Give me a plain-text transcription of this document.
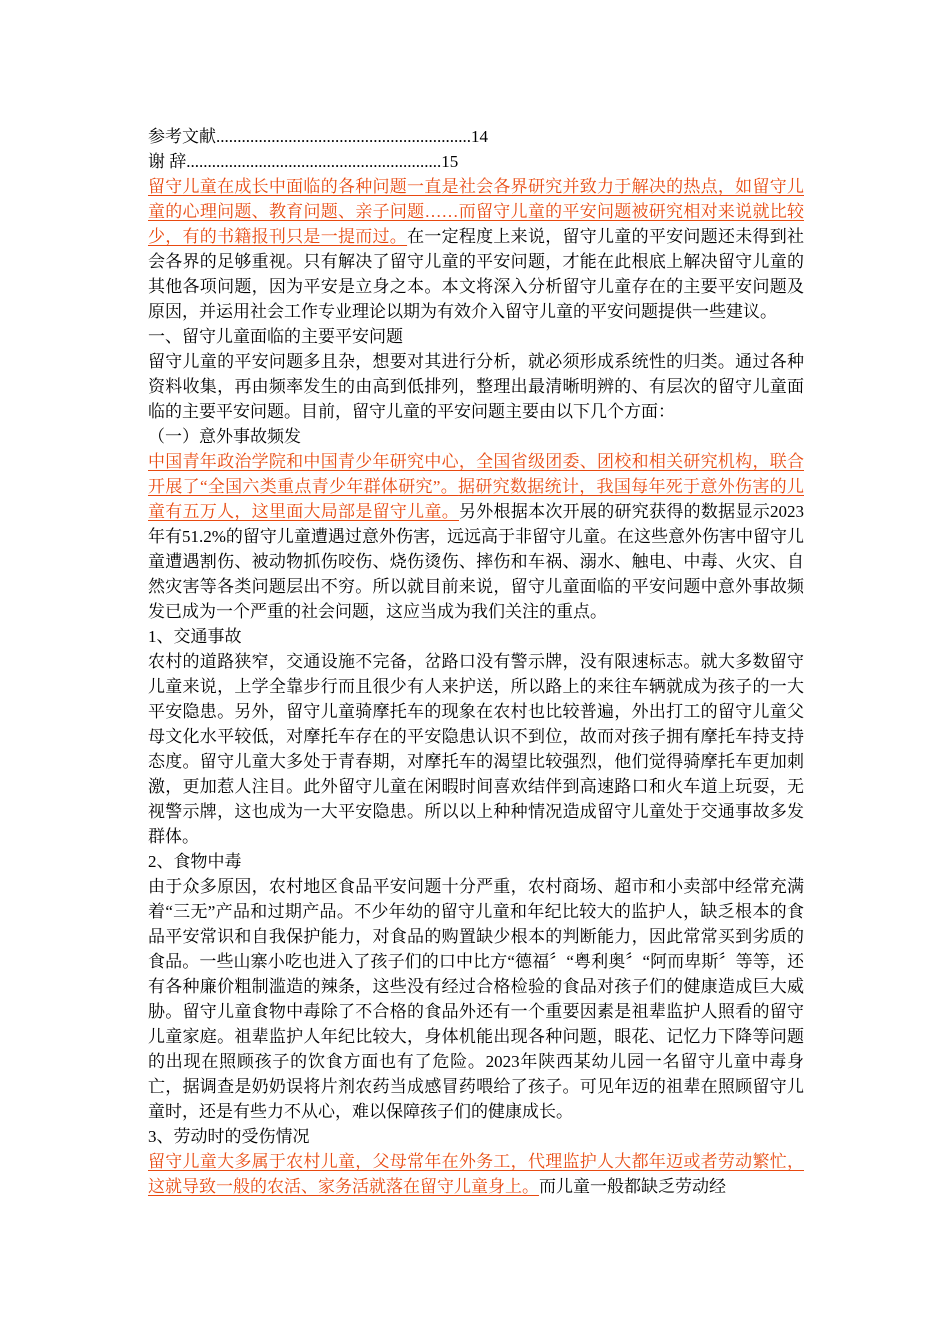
参考文献............................................................14

谢 辞............................................................15

留守儿童在成长中面临的各种问题一直是社会各界研究并致力于解决的热点，如留守儿童的心理问题、教育问题、亲子问题……而留守儿童的平安问题被研究相对来说就比较少，有的书籍报刊只是一提而过。在一定程度上来说，留守儿童的平安问题还未得到社会各界的足够重视。只有解决了留守儿童的平安问题，才能在此根底上解决留守儿童的其他各项问题，因为平安是立身之本。本文将深入分析留守儿童存在的主要平安问题及原因，并运用社会工作专业理论以期为有效介入留守儿童的平安问题提供一些建议。

一、留守儿童面临的主要平安问题

留守儿童的平安问题多且杂，想要对其进行分析，就必须形成系统性的归类。通过各种资料收集，再由频率发生的由高到低排列，整理出最清晰明辨的、有层次的留守儿童面临的主要平安问题。目前，留守儿童的平安问题主要由以下几个方面：

（一）意外事故频发

中国青年政治学院和中国青少年研究中心，全国省级团委、团校和相关研究机构，联合开展了“全国六类重点青少年群体研究”。据研究数据统计，我国每年死于意外伤害的儿童有五万人，这里面大局部是留守儿童。另外根据本次开展的研究获得的数据显示2023年有51.2%的留守儿童遭遇过意外伤害，远远高于非留守儿童。在这些意外伤害中留守儿童遭遇割伤、被动物抓伤咬伤、烧伤烫伤、摔伤和车祸、溺水、触电、中毒、火灾、自然灾害等各类问题层出不穷。所以就目前来说，留守儿童面临的平安问题中意外事故频发已成为一个严重的社会问题，这应当成为我们关注的重点。

1、交通事故

农村的道路狭窄，交通设施不完备，岔路口没有警示牌，没有限速标志。就大多数留守儿童来说，上学全靠步行而且很少有人来护送，所以路上的来往车辆就成为孩子的一大平安隐患。另外，留守儿童骑摩托车的现象在农村也比较普遍，外出打工的留守儿童父母文化水平较低，对摩托车存在的平安隐患认识不到位，故而对孩子拥有摩托车持支持态度。留守儿童大多处于青春期，对摩托车的渴望比较强烈，他们觉得骑摩托车更加刺激，更加惹人注目。此外留守儿童在闲暇时间喜欢结伴到高速路口和火车道上玩耍，无视警示牌，这也成为一大平安隐患。所以以上种种情况造成留守儿童处于交通事故多发群体。

2、食物中毒

由于众多原因，农村地区食品平安问题十分严重，农村商场、超市和小卖部中经常充满着“三无”产品和过期产品。不少年幼的留守儿童和年纪比较大的监护人，缺乏根本的食品平安常识和自我保护能力，对食品的购置缺少根本的判断能力，因此常常买到劣质的食品。一些山寨小吃也进入了孩子们的口中比方“德福〞“粤利奥〞“阿而卑斯〞等等，还有各种廉价粗制滥造的辣条，这些没有经过合格检验的食品对孩子们的健康造成巨大威胁。留守儿童食物中毒除了不合格的食品外还有一个重要因素是祖辈监护人照看的留守儿童家庭。祖辈监护人年纪比较大，身体机能出现各种问题，眼花、记忆力下降等问题的出现在照顾孩子的饮食方面也有了危险。2023年陕西某幼儿园一名留守儿童中毒身亡，据调查是奶奶误将片剂农药当成感冒药喂给了孩子。可见年迈的祖辈在照顾留守儿童时，还是有些力不从心，难以保障孩子们的健康成长。

3、劳动时的受伤情况

留守儿童大多属于农村儿童，父母常年在外务工，代理监护人大都年迈或者劳动繁忙，这就导致一般的农活、家务活就落在留守儿童身上。而儿童一般都缺乏劳动经
